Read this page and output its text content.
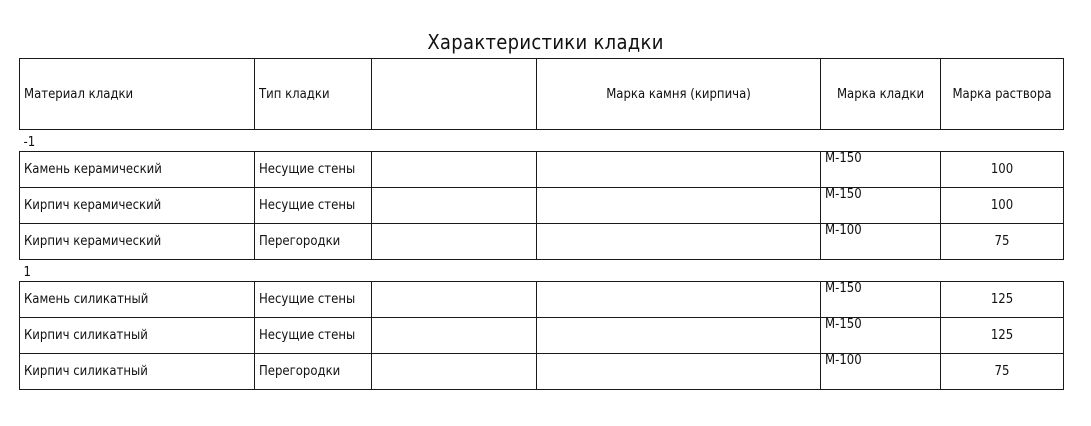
Характеристики кладки
Материал кладки	Тип кладки		Марка камня (кирпича)	Марка кладки	Марка раствора
-1					
Камень керамический	Несущие стены			М-150	100
Кирпич керамический	Несущие стены			М-150	100
Кирпич керамический	Перегородки			М-100	75
1					
Камень силикатный	Несущие стены			М-150	125
Кирпич силикатный	Несущие стены			М-150	125
Кирпич силикатный	Перегородки			М-100	75
